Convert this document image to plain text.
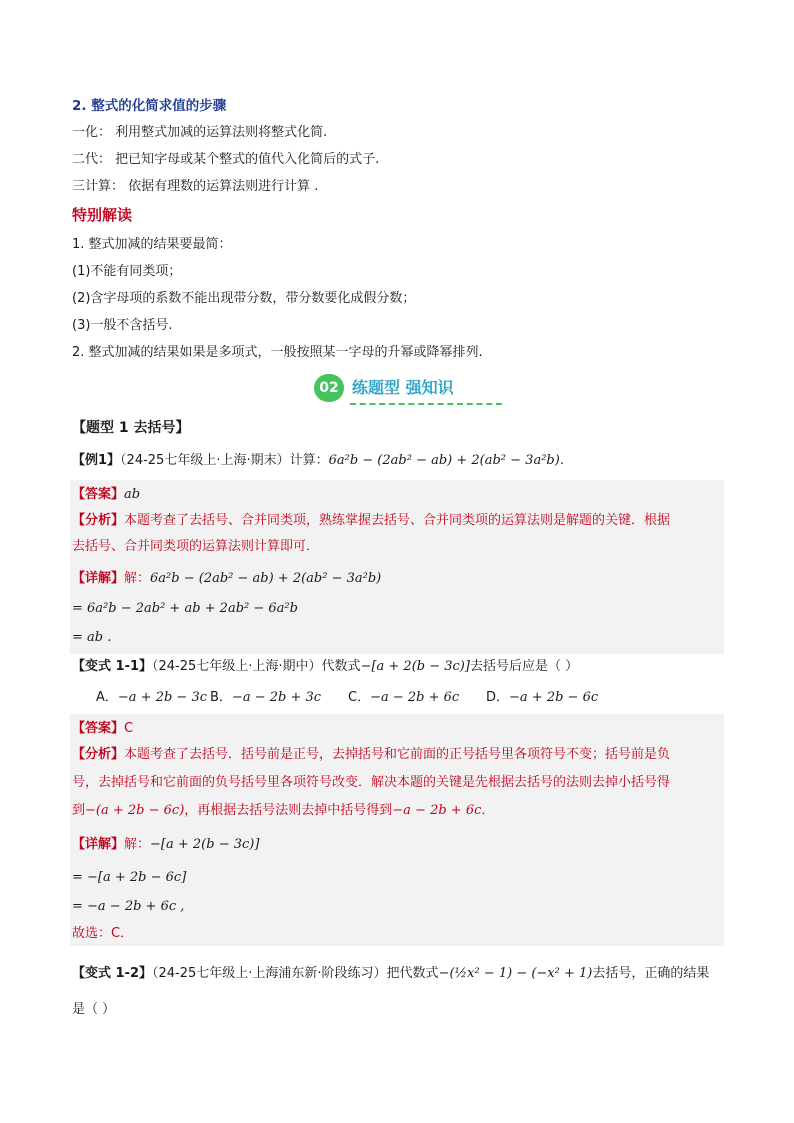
2. 整式的化简求值的步骤
一化： 利用整式加减的运算法则将整式化简.
二代： 把已知字母或某个整式的值代入化简后的式子.
三计算： 依据有理数的运算法则进行计算 .
特别解读
1. 整式加减的结果要最简：
(1)不能有同类项；
(2)含字母项的系数不能出现带分数，带分数要化成假分数；
(3)一般不含括号.
2. 整式加减的结果如果是多项式，一般按照某一字母的升幂或降幂排列.
02 练题型 强知识
【题型 1 去括号】
【例1】（24-25七年级上·上海·期末）计算：6a²b − (2ab² − ab) + 2(ab² − 3a²b).
【答案】ab
【分析】本题考查了去括号、合并同类项，熟练掌握去括号、合并同类项的运算法则是解题的关键．根据
去括号、合并同类项的运算法则计算即可．
【详解】解：6a²b − (2ab² − ab) + 2(ab² − 3a²b)
= 6a²b − 2ab² + ab + 2ab² − 6a²b
= ab .
【变式 1-1】（24-25七年级上·上海·期中）代数式−[a + 2(b − 3c)]去括号后应是（ ）
A．−a + 2b − 3c B．−a − 2b + 3c C．−a − 2b + 6c D．−a + 2b − 6c
【答案】C
【分析】本题考查了去括号．括号前是正号，去掉括号和它前面的正号括号里各项符号不变；括号前是负
号，去掉括号和它前面的负号括号里各项符号改变．解决本题的关键是先根据去括号的法则去掉小括号得
到−(a + 2b − 6c)，再根据去括号法则去掉中括号得到−a − 2b + 6c．
【详解】解：−[a + 2(b − 3c)]
= −[a + 2b − 6c]
= −a − 2b + 6c ,
故选：C．
【变式 1-2】（24-25七年级上·上海浦东新·阶段练习）把代数式−(½x² − 1) − (−x² + 1)去括号，正确的结果
是（ ）
